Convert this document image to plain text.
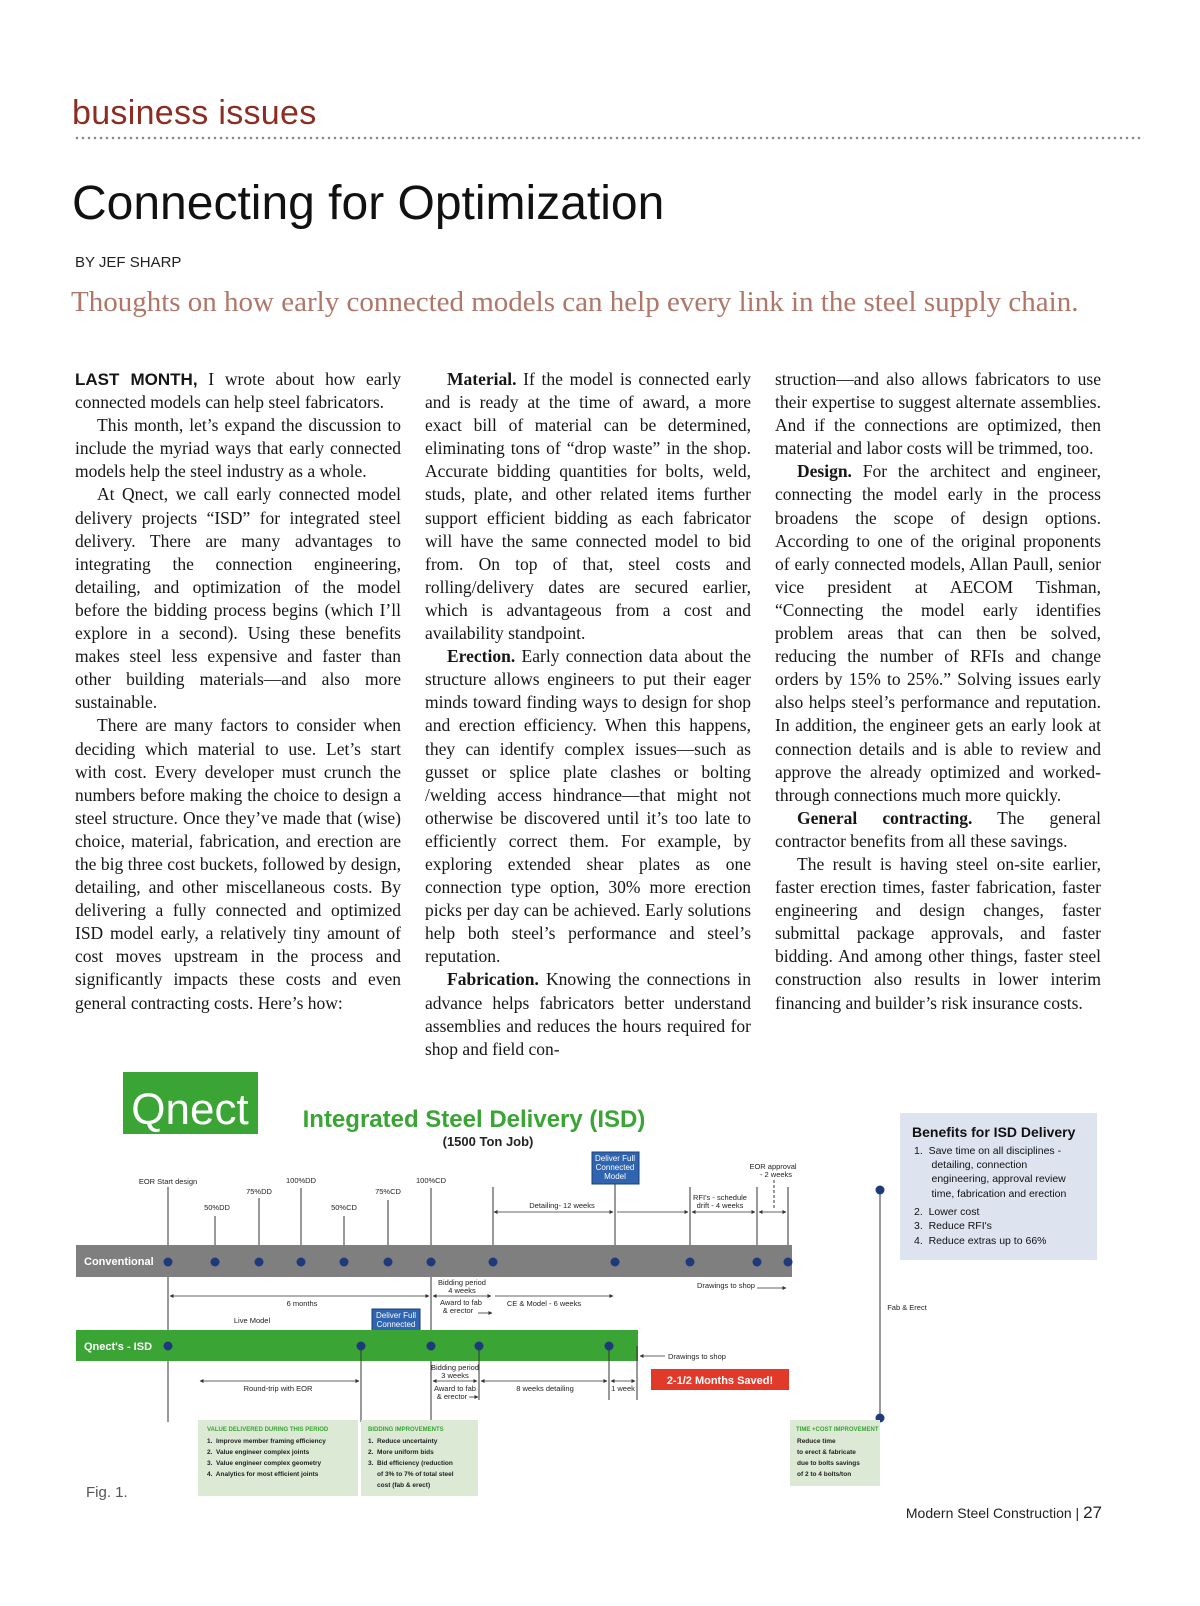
business issues
Connecting for Optimization
BY JEF SHARP
Thoughts on how early connected models can help every link in the steel supply chain.

LAST MONTH, I wrote about how early connected models can help steel fabricators.

This month, let’s expand the discussion to include the myriad ways that early connected models help the steel industry as a whole.

At Qnect, we call early connected model delivery projects “ISD” for integrated steel delivery. There are many advantages to integrating the connection engineering, detailing, and optimization of the model before the bidding process begins (which I’ll explore in a second). Using these benefits makes steel less expensive and faster than other building materials—and also more sustainable.

There are many factors to consider when deciding which material to use. Let’s start with cost. Every developer must crunch the numbers before making the choice to design a steel structure. Once they’ve made that (wise) choice, material, fabrication, and erection are the big three cost buckets, followed by design, detailing, and other miscellaneous costs. By delivering a fully connected and optimized ISD model early, a relatively tiny amount of cost moves upstream in the process and significantly impacts these costs and even general contracting costs. Here’s how:

Material. If the model is connected early and is ready at the time of award, a more exact bill of material can be determined, eliminating tons of “drop waste” in the shop. Accurate bidding quantities for bolts, weld, studs, plate, and other related items further support efficient bidding as each fabricator will have the same connected model to bid from. On top of that, steel costs and rolling/delivery dates are secured earlier, which is advantageous from a cost and availability standpoint.

Erection. Early connection data about the structure allows engineers to put their eager minds toward finding ways to design for shop and erection efficiency. When this happens, they can identify complex issues—such as gusset or splice plate clashes or bolting /welding access hindrance—that might not otherwise be discovered until it’s too late to efficiently correct them. For example, by exploring extended shear plates as one connection type option, 30% more erection picks per day can be achieved. Early solutions help both steel’s performance and steel’s reputation.

Fabrication. Knowing the connections in advance helps fabricators better understand assemblies and reduces the hours required for shop and field con-

struction—and also allows fabricators to use their expertise to suggest alternate assemblies. And if the connections are optimized, then material and labor costs will be trimmed, too.

Design. For the architect and engineer, connecting the model early in the process broadens the scope of design options. According to one of the original proponents of early connected models, Allan Paull, senior vice president at AECOM Tishman, “Connecting the model early identifies problem areas that can then be solved, reducing the number of RFIs and change orders by 15% to 25%.” Solving issues early also helps steel’s performance and reputation. In addition, the engineer gets an early look at connection details and is able to review and approve the already optimized and worked-through connections much more quickly.

General contracting. The general contractor benefits from all these savings.

The result is having steel on-site earlier, faster erection times, faster fabrication, faster engineering and design changes, faster submittal package approvals, and faster bidding. And among other things, faster steel construction also results in lower interim financing and builder’s risk insurance costs.

Qnect Integrated Steel Delivery (ISD)
(1500 Ton Job)
Benefits for ISD Delivery
1.  Save time on all disciplines -
detailing, connection
engineering, approval review
time, fabrication and erection
2.  Lower cost
3.  Reduce RFI's
4.  Reduce extras up to 66%
Deliver Full
Connected
Model
EOR Start design
50%DD
75%DD
100%DD
50%CD
75%CD
100%CD
EOR approval
- 2 weeks
Detailing- 12 weeks
RFI's - schedule
drift - 4 weeks
Conventional
Bidding period
4 weeks
Award to fab
& erector
CE & Model - 6 weeks
Drawings to shop
Fab & Erect
6 months
Live Model
Deliver Full
Connected
Qnect's - ISD
Drawings to shop
Bidding period
3 weeks
Award to fab
& erector
Round-trip with EOR	8 weeks detailing	1 week
2-1/2 Months Saved!
VALUE DELIVERED DURING THIS PERIOD
1.  Improve member framing efficiency
2.  Value engineer complex joints
3.  Value engineer complex geometry
4.  Analytics for most efficient joints
BIDDING IMPROVEMENTS
1.  Reduce uncertainty
2.  More uniform bids
3.  Bid efficiency (reduction
of 3% to 7% of total steel
cost (fab & erect)
TIME +COST IMPROVEMENT
Reduce time
to erect & fabricate
due to bolts savings
of 2 to 4 bolts/ton
Fig. 1.
Modern Steel Construction | 27
